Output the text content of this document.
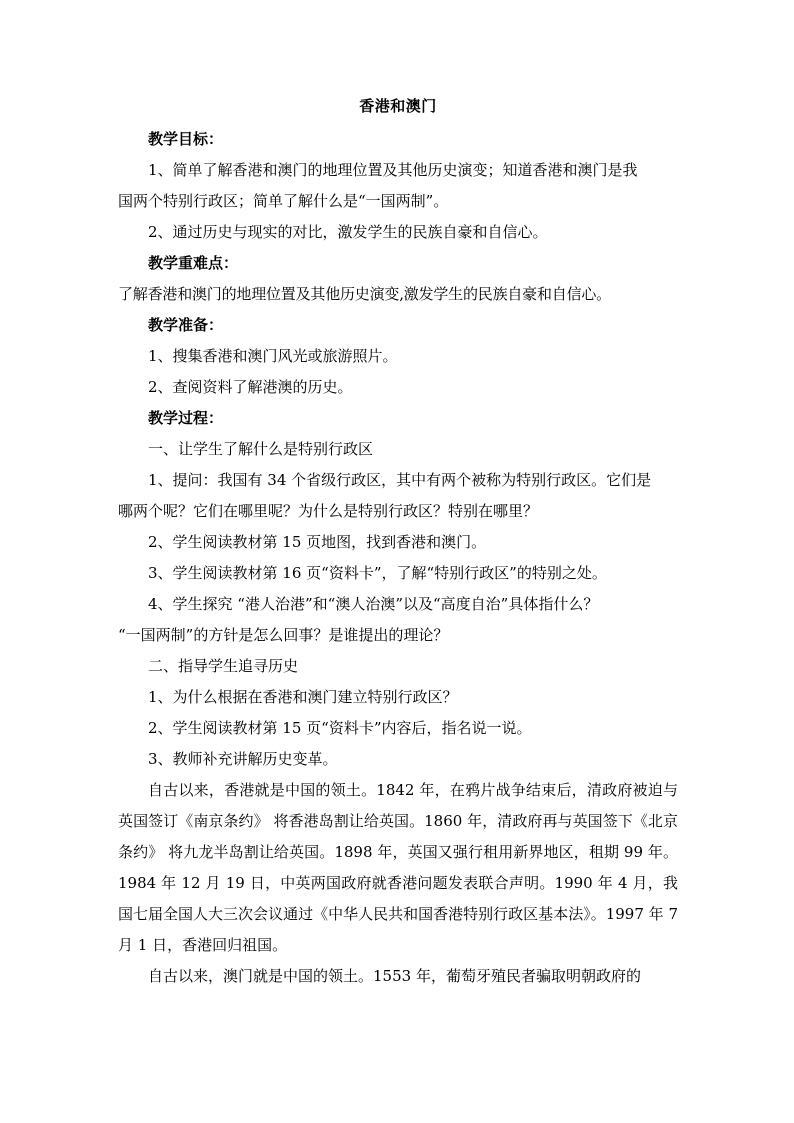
香港和澳门
教学目标：
1、简单了解香港和澳门的地理位置及其他历史演变；知道香港和澳门是我
国两个特别行政区；简单了解什么是“一国两制”。
2、通过历史与现实的对比，激发学生的民族自豪和自信心。
教学重难点：
了解香港和澳门的地理位置及其他历史演变,激发学生的民族自豪和自信心。
教学准备：
1、搜集香港和澳门风光或旅游照片。
2、查阅资料了解港澳的历史。
教学过程：
一、让学生了解什么是特别行政区
1、提问：我国有 34 个省级行政区，其中有两个被称为特别行政区。它们是
哪两个呢？它们在哪里呢？为什么是特别行政区？特别在哪里？
2、学生阅读教材第 15 页地图，找到香港和澳门。
3、学生阅读教材第 16 页“资料卡”，了解“特别行政区”的特别之处。
4、学生探究 “港人治港”和“澳人治澳”以及“高度自治”具体指什么？
“一国两制”的方针是怎么回事？是谁提出的理论？
二、指导学生追寻历史
1、为什么根据在香港和澳门建立特别行政区？
2、学生阅读教材第 15 页“资料卡”内容后，指名说一说。
3、教师补充讲解历史变革。

自古以来，香港就是中国的领土。1842 年，在鸦片战争结束后，清政府被迫与英国签订《南京条约》 将香港岛割让给英国。1860 年，清政府再与英国签下《北京条约》 将九龙半岛割让给英国。1898 年，英国又强行租用新界地区，租期 99 年。1984 年 12 月 19 日，中英两国政府就香港问题发表联合声明。1990 年 4 月，我国七届全国人大三次会议通过《中华人民共和国香港特别行政区基本法》。1997 年 7 月 1 日，香港回归祖国。

自古以来，澳门就是中国的领土。1553 年，葡萄牙殖民者骗取明朝政府的
